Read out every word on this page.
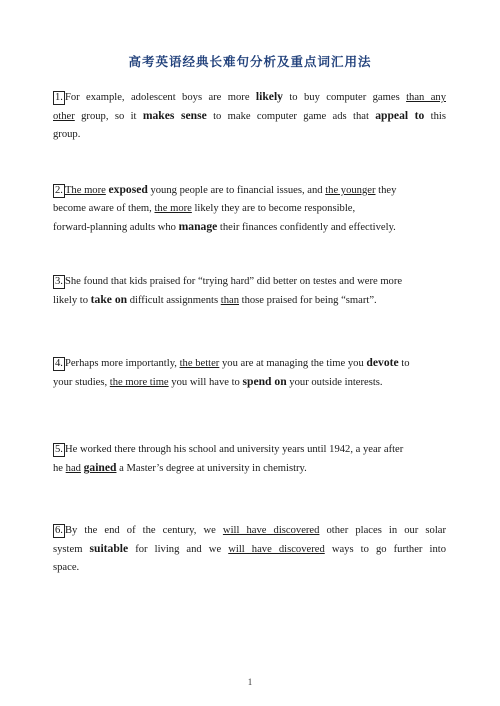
高考英语经典长难句分析及重点词汇用法
1. For example, adolescent boys are more likely to buy computer games than any
other group, so it makes sense to make computer game ads that appeal to this
group.
2. The more exposed young people are to financial issues, and the younger they
become aware of them, the more likely they are to become responsible,
forward-planning adults who manage their finances confidently and effectively.
3. She found that kids praised for “trying hard” did better on testes and were more
likely to take on difficult assignments than those praised for being “smart”.
4. Perhaps more importantly, the better you are at managing the time you devote to
your studies, the more time you will have to spend on your outside interests.
5. He worked there through his school and university years until 1942, a year after
he had gained a Master’s degree at university in chemistry.
6. By the end of the century, we will have discovered other places in our solar
system suitable for living and we will have discovered ways to go further into
space.
1
